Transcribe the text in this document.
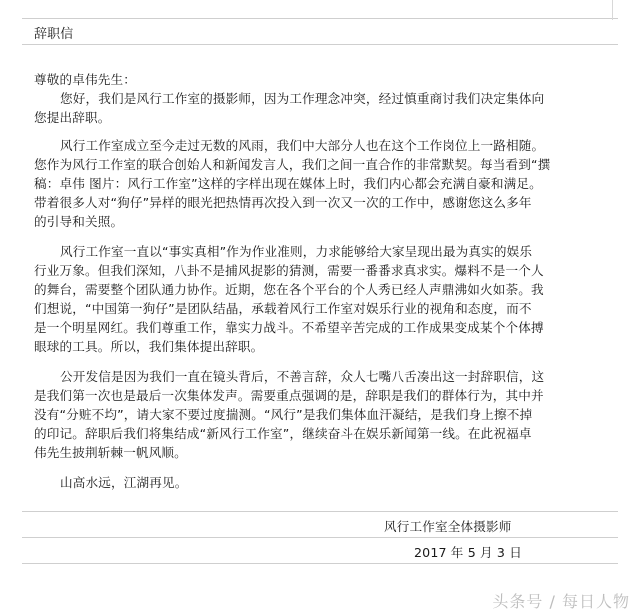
辞职信
尊敬的卓伟先生：
您好，我们是风行工作室的摄影师，因为工作理念冲突，经过慎重商讨我们决定集体向
您提出辞职。
风行工作室成立至今走过无数的风雨，我们中大部分人也在这个工作岗位上一路相随。
您作为风行工作室的联合创始人和新闻发言人，我们之间一直合作的非常默契。每当看到“撰
稿：卓伟 图片：风行工作室”这样的字样出现在媒体上时，我们内心都会充满自豪和满足。
带着很多人对“狗仔”异样的眼光把热情再次投入到一次又一次的工作中，感谢您这么多年
的引导和关照。
风行工作室一直以“事实真相”作为作业准则，力求能够给大家呈现出最为真实的娱乐
行业万象。但我们深知，八卦不是捕风捉影的猜测，需要一番番求真求实。爆料不是一个人
的舞台，需要整个团队通力协作。近期，您在各个平台的个人秀已经人声鼎沸如火如荼。我
们想说，“中国第一狗仔”是团队结晶，承载着风行工作室对娱乐行业的视角和态度，而不
是一个明星网红。我们尊重工作，靠实力战斗。不希望辛苦完成的工作成果变成某个个体搏
眼球的工具。所以，我们集体提出辞职。
公开发信是因为我们一直在镜头背后，不善言辞，众人七嘴八舌凑出这一封辞职信，这
是我们第一次也是最后一次集体发声。需要重点强调的是，辞职是我们的群体行为，其中并
没有“分赃不均”，请大家不要过度揣测。“风行”是我们集体血汗凝结，是我们身上擦不掉
的印记。辞职后我们将集结成“新风行工作室”，继续奋斗在娱乐新闻第一线。在此祝福卓
伟先生披荆斩棘一帆风顺。
山高水远，江湖再见。
风行工作室全体摄影师
2017 年 5 月 3 日
头条号 / 每日人物
